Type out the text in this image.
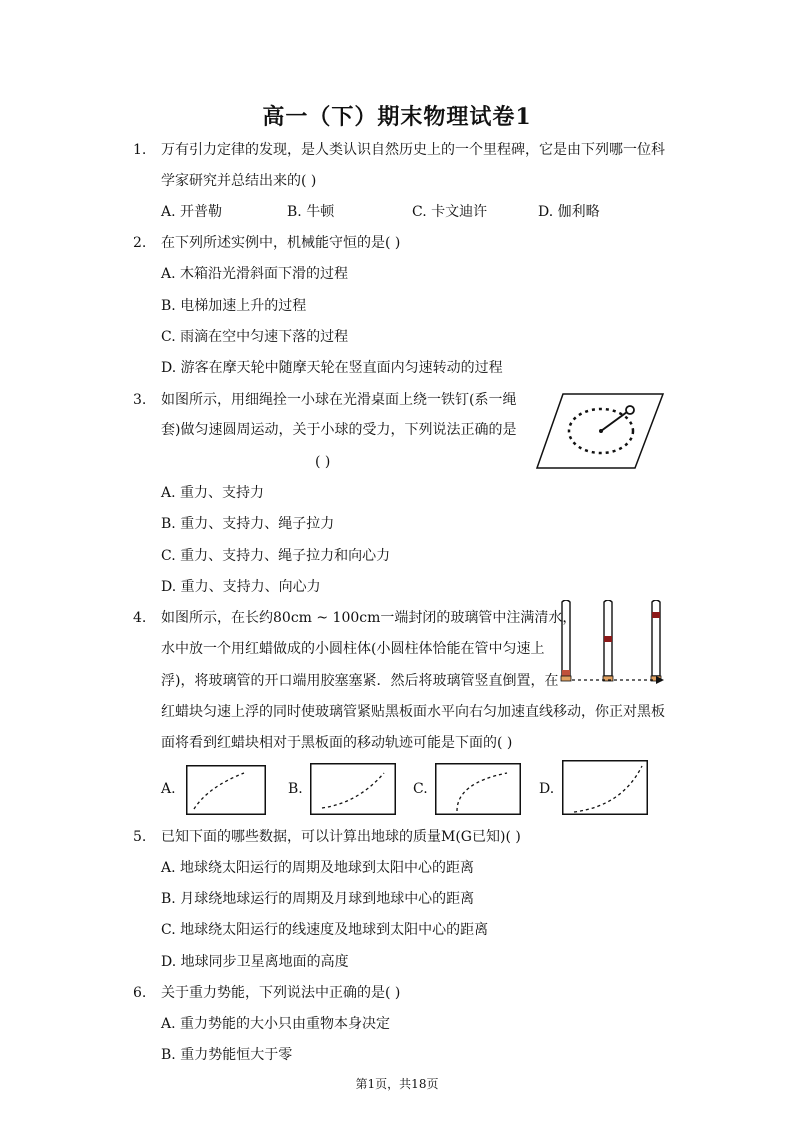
高一（下）期末物理试卷1
1. 万有引力定律的发现，是人类认识自然历史上的一个里程碑，它是由下列哪一位科
学家研究并总结出来的( )
A. 开普勒	B. 牛顿	C. 卡文迪许	D. 伽利略
2. 在下列所述实例中，机械能守恒的是( )
A. 木箱沿光滑斜面下滑的过程
B. 电梯加速上升的过程
C. 雨滴在空中匀速下落的过程
D. 游客在摩天轮中随摩天轮在竖直面内匀速转动的过程
3. 如图所示，用细绳拴一小球在光滑桌面上绕一铁钉(系一绳
套)做匀速圆周运动，关于小球的受力，下列说法正确的是
( )
A. 重力、支持力
B. 重力、支持力、绳子拉力
C. 重力、支持力、绳子拉力和向心力
D. 重力、支持力、向心力
4. 如图所示，在长约80cm ~ 100cm一端封闭的玻璃管中注满清水，
水中放一个用红蜡做成的小圆柱体(小圆柱体恰能在管中匀速上
浮)，将玻璃管的开口端用胶塞塞紧．然后将玻璃管竖直倒置，在
红蜡块匀速上浮的同时使玻璃管紧贴黑板面水平向右匀加速直线移动，你正对黑板
面将看到红蜡块相对于黑板面的移动轨迹可能是下面的( )
A.	B.	C.	D.
5. 已知下面的哪些数据，可以计算出地球的质量M(G已知)( )
A. 地球绕太阳运行的周期及地球到太阳中心的距离
B. 月球绕地球运行的周期及月球到地球中心的距离
C. 地球绕太阳运行的线速度及地球到太阳中心的距离
D. 地球同步卫星离地面的高度
6. 关于重力势能，下列说法中正确的是( )
A. 重力势能的大小只由重物本身决定
B. 重力势能恒大于零
第1页，共18页
